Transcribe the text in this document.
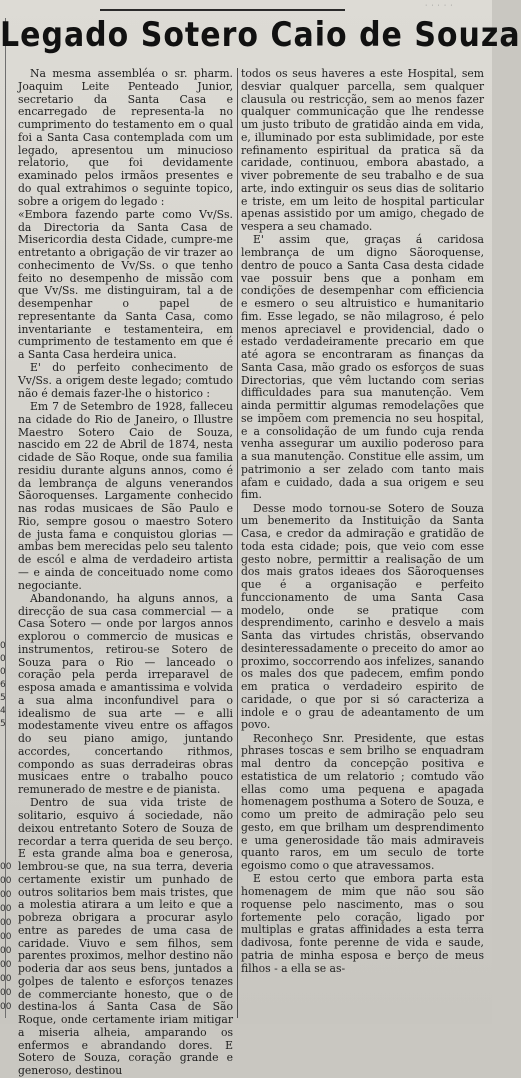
· · · · ·
Legado Sotero Caio de Souza
0
0
0
6
5
4
5
00
00
00
00
00
00
00
00
00
00
00

Na mesma assembléa o sr. pharm. Joaquim Leite Penteado Junior, secretario da Santa Casa e encarregado de representa-la no cumprimento do testamento em o qual foi a Santa Casa contemplada com um legado, apresentou um minucioso relatorio, que foi devidamente examinado pelos irmãos presentes e do qual extrahimos o seguinte topico, sobre a origem do legado :

«Embora fazendo parte como Vv/Ss. da Directoria da Santa Casa de Misericordia desta Cidade, cumpre-me entretanto a obrigação de vir trazer ao conhecimento de Vv/Ss. o que tenho feito no desempenho de missão com que Vv/Ss. me distinguiram, tal a de desempenhar o papel de representante da Santa Casa, como inventariante e testamenteira, em cumprimento de testamento em que é a Santa Casa herdeira unica.

E' do perfeito conhecimento de Vv/Ss. a origem deste legado; comtudo não é demais fazer-lhe o historico :

Em 7 de Setembro de 1928, falleceu na cidade do Rio de Janeiro, o Illustre Maestro Sotero Caio de Souza, nascido em 22 de Abril de 1874, nesta cidade de São Roque, onde sua familia residiu durante alguns annos, como é da lembrança de alguns venerandos Sãoroquenses. Largamente conhecido nas rodas musicaes de São Paulo e Rio, sempre gosou o maestro Sotero de justa fama e conquistou glorias — ambas bem merecidas pelo seu talento de escól e alma de verdadeiro artista — e ainda de conceituado nome como negociante.

Abandonando, ha alguns annos, a direcção de sua casa commercial — a Casa Sotero — onde por largos annos explorou o commercio de musicas e instrumentos, retirou-se Sotero de Souza para o Rio — lanceado o coração pela perda irreparavel de esposa amada e amantissima e volvida a sua alma inconfundivel para o idealismo de sua arte — e alli modestamente viveu entre os affagos do seu piano amigo, juntando accordes, concertando rithmos, compondo as suas derradeiras obras musicaes entre o trabalho pouco remunerado de mestre e de pianista.

Dentro de sua vida triste de solitario, esquivo á sociedade, não deixou entretanto Sotero de Souza de recordar a terra querida de seu berço. E esta grande alma boa e generosa, lembrou-se que, na sua terra, deveria certamente existir um punhado de outros solitarios bem mais tristes, que a molestia atirara a um leito e que a pobreza obrigara a procurar asylo entre as paredes de uma casa de caridade. Viuvo e sem filhos, sem parentes proximos, melhor destino não poderia dar aos seus bens, juntados a golpes de talento e esforços tenazes de commerciante honesto, que o de destina-los á Santa Casa de São Roque, onde certamente iriam mitigar a miseria alheia, amparando os enfermos e abrandando dores. E Sotero de Souza, coração grande e generoso, destinou

todos os seus haveres a este Hospital, sem desviar qualquer parcella, sem qualquer clausula ou restricção, sem ao menos fazer qualquer communicação que lhe rendesse um justo tributo de gratidão ainda em vida, e, illuminado por esta sublimidade, por este refinamento espiritual da pratica sã da caridade, continuou, embora abastado, a viver pobremente de seu trabalho e de sua arte, indo extinguir os seus dias de solitario e triste, em um leito de hospital particular apenas assistido por um amigo, chegado de vespera a seu chamado.

E' assim que, graças á caridosa lembrança de um digno Sãoroquense, dentro de pouco a Santa Casa desta cidade vae possuir bens que a ponham em condições de desempenhar com efficiencia e esmero o seu altruistico e humanitario fim. Esse legado, se não milagroso, é pelo menos apreciavel e providencial, dado o estado verdadeiramente precario em que até agora se encontraram as finanças da Santa Casa, mão grado os esforços de suas Directorias, que vêm luctando com serias difficuldades para sua manutenção. Vem ainda permittir algumas remodelações que se impõem com premencia no seu hospital, e a consolidação de um fundo cuja renda venha assegurar um auxilio poderoso para a sua manutenção. Constitue elle assim, um patrimonio a ser zelado com tanto mais afam e cuidado, dada a sua origem e seu fim.

Desse modo tornou-se Sotero de Souza um benemerito da Instituição da Santa Casa, e credor da admiração e gratidão de toda esta cidade; pois, que veio com esse gesto nobre, permittir a realisação de um dos mais gratos ideaes dos Sãoroquenses que é a organisação e perfeito funccionamento de uma Santa Casa modelo, onde se pratique com desprendimento, carinho e desvelo a mais Santa das virtudes christãs, observando desinteressadamente o preceito do amor ao proximo, soccorrendo aos infelizes, sanando os males dos que padecem, emfim pondo em pratica o verdadeiro espirito de caridade, o que por si só caracteriza a indole e o grau de adeantamento de um povo.

Reconheço Snr. Presidente, que estas phrases toscas e sem brilho se enquadram mal dentro da concepção positiva e estatistica de um relatorio ; comtudo vão ellas como uma pequena e apagada homenagem posthuma a Sotero de Souza, e como um preito de admiração pelo seu gesto, em que brilham um desprendimento e uma generosidade tão mais admiraveis quanto raros, em um seculo de torte egoismo como o que atravessamos.

E estou certo que embora parta esta homenagem de mim que não sou são roquense pelo nascimento, mas o sou fortemente pelo coração, ligado por multiplas e gratas affinidades a esta terra dadivosa, fonte perenne de vida e saude, patria de minha esposa e berço de meus filhos - a ella se as-
